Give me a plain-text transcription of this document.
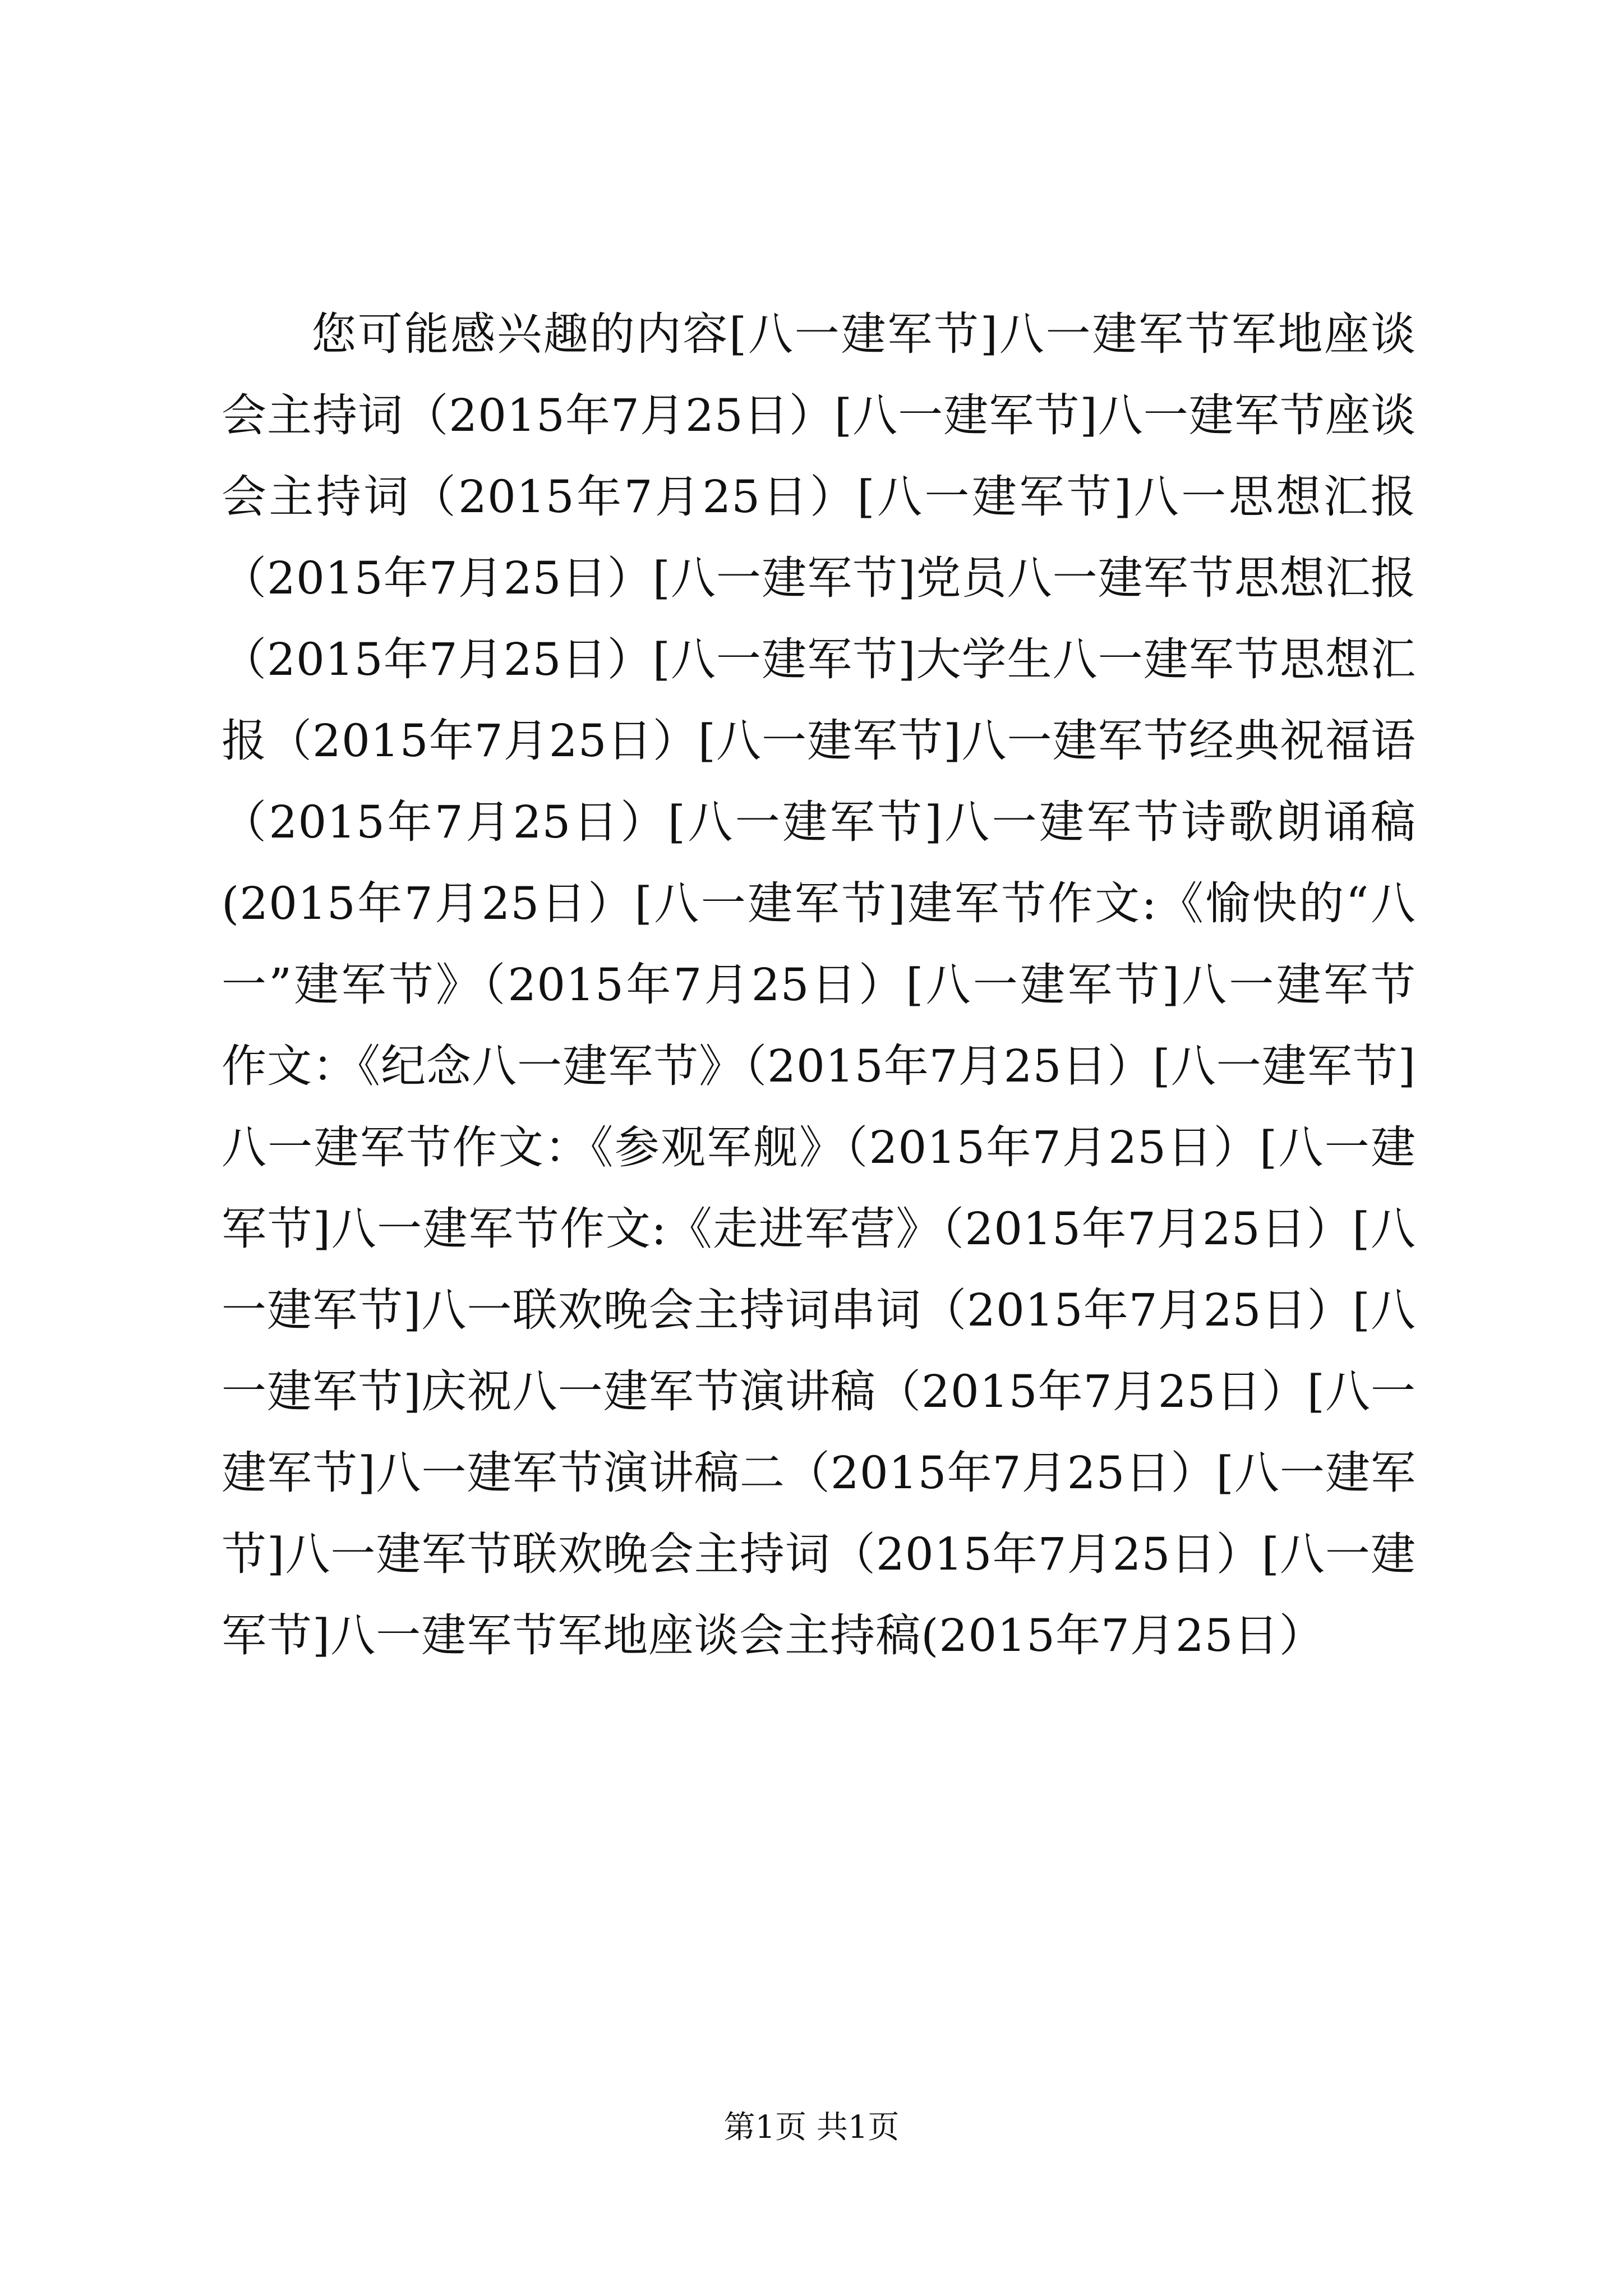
您可能感兴趣的内容[八一建军节]八一建军节军地座谈会主持词（2015年7月25日）[八一建军节]八一建军节座谈会主持词（2015年7月25日）[八一建军节]八一思想汇报（2015年7月25日）[八一建军节]党员八一建军节思想汇报（2015年7月25日）[八一建军节]大学生八一建军节思想汇报（2015年7月25日）[八一建军节]八一建军节经典祝福语（2015年7月25日）[八一建军节]八一建军节诗歌朗诵稿(2015年7月25日）[八一建军节]建军节作文:《愉快的“八一”建军节》（2015年7月25日）[八一建军节]八一建军节作文：《纪念八一建军节》（2015年7月25日）[八一建军节]八一建军节作文：《参观军舰》（2015年7月25日）[八一建军节]八一建军节作文:《走进军营》（2015年7月25日）[八一建军节]八一联欢晚会主持词串词（2015年7月25日）[八一建军节]庆祝八一建军节演讲稿（2015年7月25日）[八一建军节]八一建军节演讲稿二（2015年7月25日）[八一建军节]八一建军节联欢晚会主持词（2015年7月25日）[八一建军节]八一建军节军地座谈会主持稿(2015年7月25日）

第1页 共1页
